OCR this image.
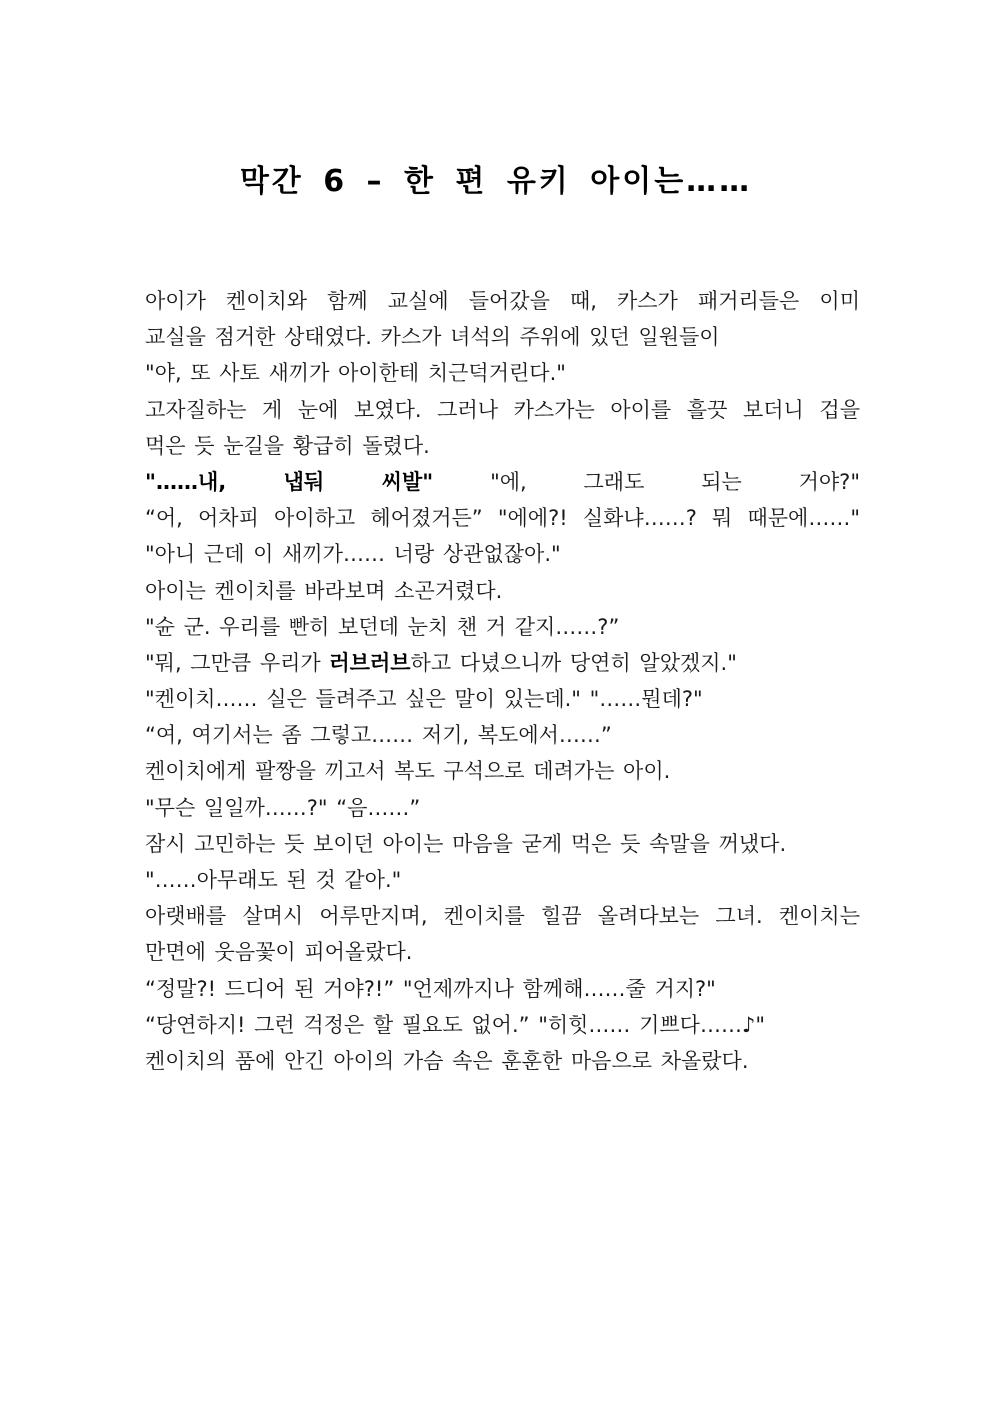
막간 6 – 한 편 유키 아이는……
아이가 켄이치와 함께 교실에 들어갔을 때, 카스가 패거리들은 이미
교실을 점거한 상태였다. 카스가 녀석의 주위에 있던 일원들이
"야, 또 사토 새끼가 아이한테 치근덕거린다."
고자질하는 게 눈에 보였다. 그러나 카스가는 아이를 흘끗 보더니 겁을
먹은 듯 눈길을 황급히 돌렸다.
"……내, 냅둬 씨발" "에, 그래도 되는 거야?"
“어, 어차피 아이하고 헤어졌거든” "에에?! 실화냐……? 뭐 때문에……"
"아니 근데 이 새끼가…… 너랑 상관없잖아."
아이는 켄이치를 바라보며 소곤거렸다.
"슌 군. 우리를 빤히 보던데 눈치 챈 거 같지……?”
"뭐, 그만큼 우리가 러브러브하고 다녔으니까 당연히 알았겠지."
"켄이치…… 실은 들려주고 싶은 말이 있는데." "……뭔데?"
“여, 여기서는 좀 그렇고…… 저기, 복도에서……”
켄이치에게 팔짱을 끼고서 복도 구석으로 데려가는 아이.
"무슨 일일까……?" “음……”
잠시 고민하는 듯 보이던 아이는 마음을 굳게 먹은 듯 속말을 꺼냈다.
"……아무래도 된 것 같아."
아랫배를 살며시 어루만지며, 켄이치를 힐끔 올려다보는 그녀. 켄이치는
만면에 웃음꽃이 피어올랐다.
“정말?! 드디어 된 거야?!” "언제까지나 함께해……줄 거지?"
“당연하지! 그런 걱정은 할 필요도 없어.” "히힛…… 기쁘다……♪"
켄이치의 품에 안긴 아이의 가슴 속은 훈훈한 마음으로 차올랐다.
